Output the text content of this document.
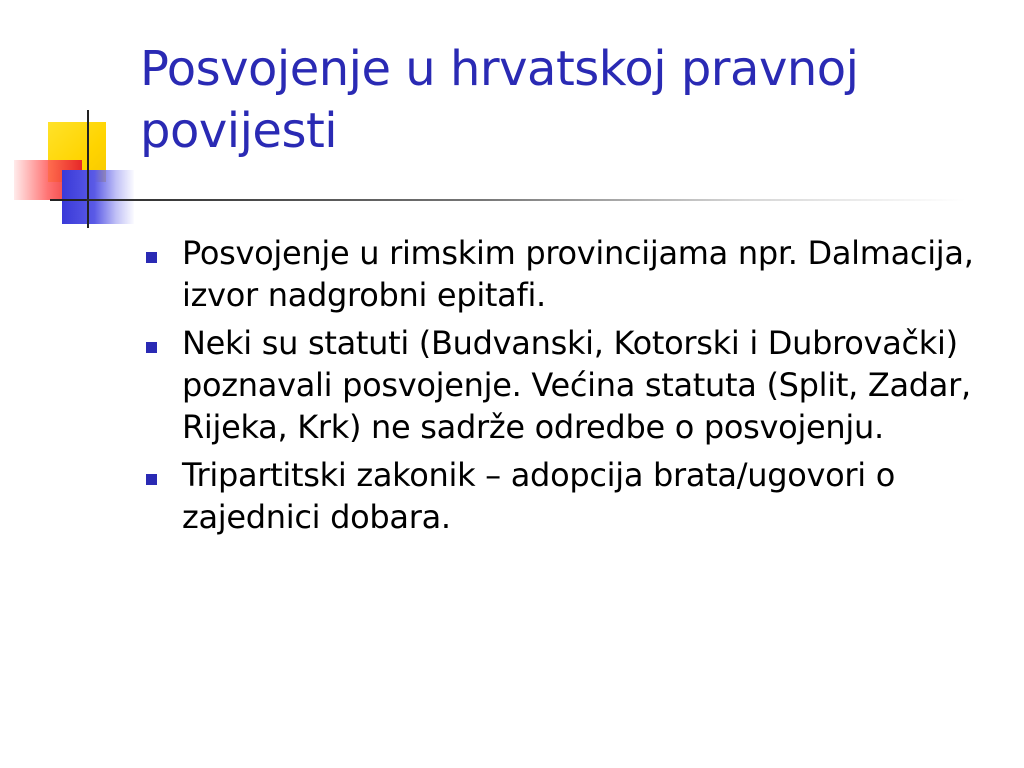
Posvojenje u hrvatskoj pravnoj povijesti
Posvojenje u rimskim provincijama npr. Dalmacija, izvor nadgrobni epitafi.
Neki su statuti (Budvanski, Kotorski i Dubrovački) poznavali posvojenje. Većina statuta (Split, Zadar, Rijeka, Krk) ne sadrže odredbe o posvojenju.
Tripartitski zakonik – adopcija brata/ugovori o zajednici dobara.
